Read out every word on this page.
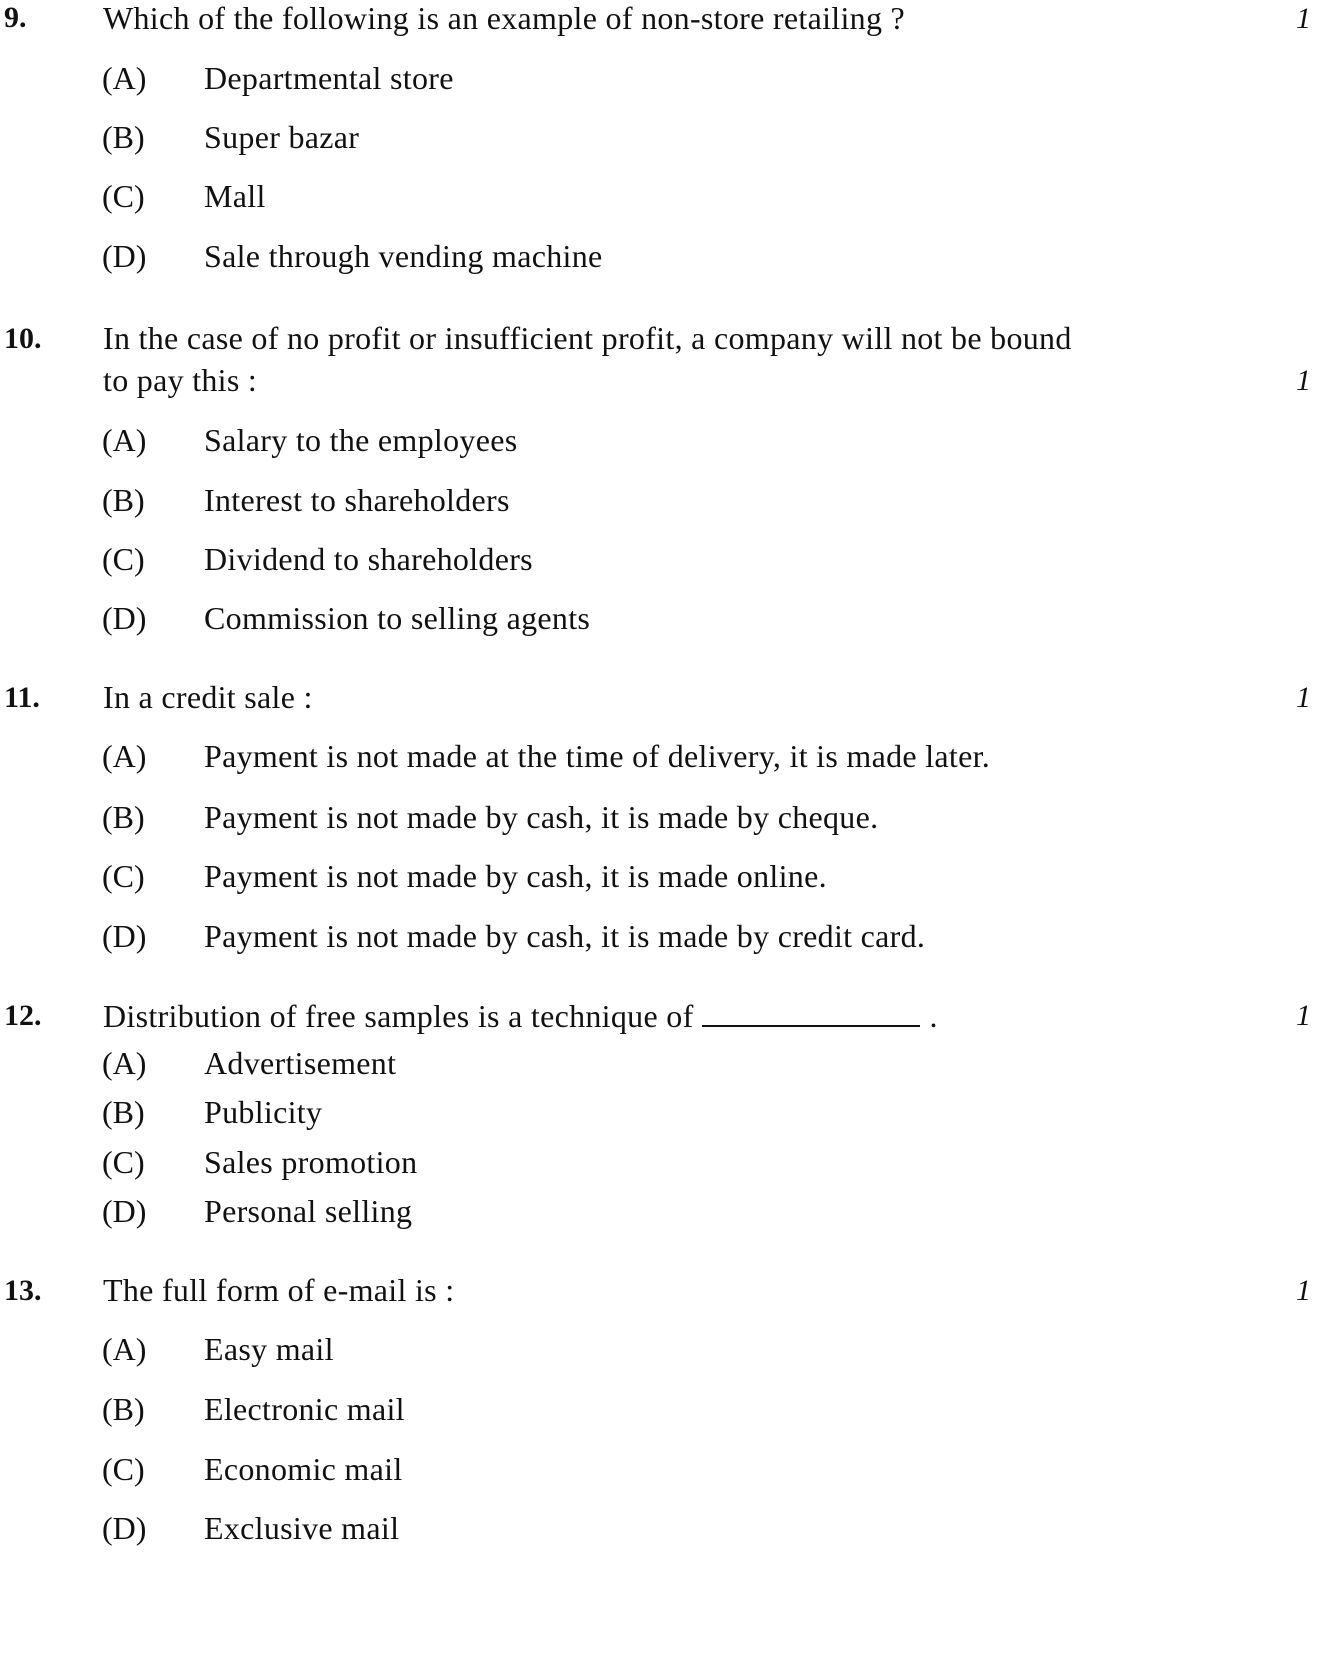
9. Which of the following is an example of non-store retailing ?	1
(A) Departmental store
(B) Super bazar
(C) Mall
(D) Sale through vending machine
10. In the case of no profit or insufficient profit, a company will not be bound
to pay this :	1
(A) Salary to the employees
(B) Interest to shareholders
(C) Dividend to shareholders
(D) Commission to selling agents
11. In a credit sale :	1
(A) Payment is not made at the time of delivery, it is made later.
(B) Payment is not made by cash, it is made by cheque.
(C) Payment is not made by cash, it is made online.
(D) Payment is not made by cash, it is made by credit card.
12. Distribution of free samples is a technique of	.	1
(A) Advertisement
(B) Publicity
(C) Sales promotion
(D) Personal selling
13. The full form of e-mail is :	1
(A) Easy mail
(B) Electronic mail
(C) Economic mail
(D) Exclusive mail
